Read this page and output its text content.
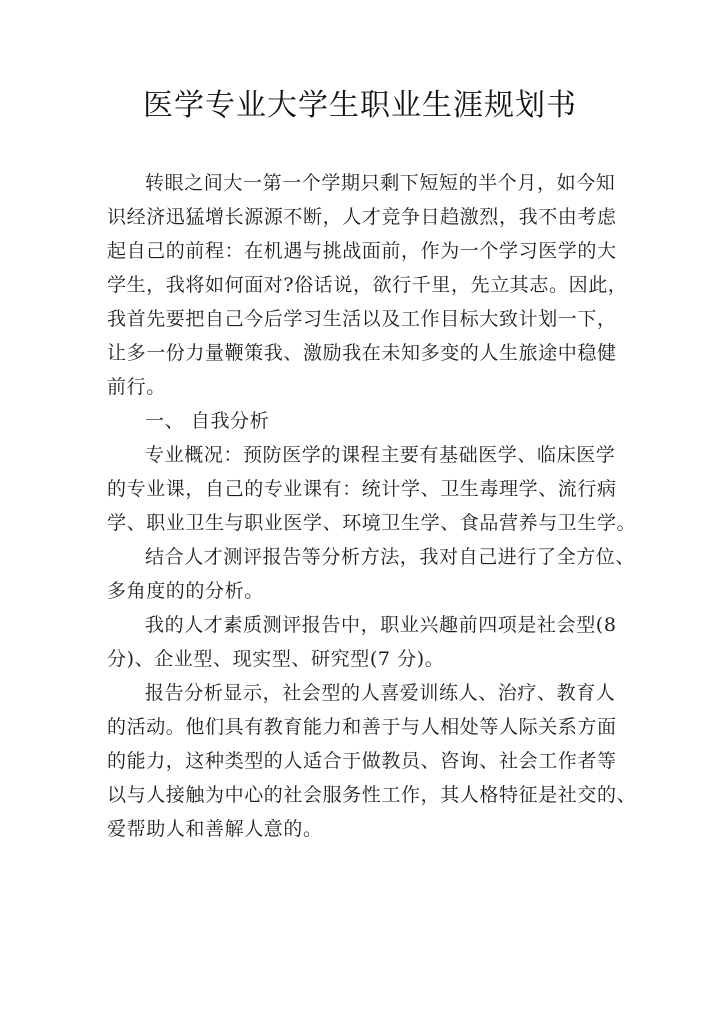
医学专业大学生职业生涯规划书
转眼之间大一第一个学期只剩下短短的半个月，如今知
识经济迅猛增长源源不断，人才竞争日趋激烈，我不由考虑
起自己的前程：在机遇与挑战面前，作为一个学习医学的大
学生，我将如何面对?俗话说，欲行千里，先立其志。因此，
我首先要把自己今后学习生活以及工作目标大致计划一下，
让多一份力量鞭策我、激励我在未知多变的人生旅途中稳健
前行。
一、 自我分析
专业概况：预防医学的课程主要有基础医学、临床医学
的专业课，自己的专业课有：统计学、卫生毒理学、流行病
学、职业卫生与职业医学、环境卫生学、食品营养与卫生学。
结合人才测评报告等分析方法，我对自己进行了全方位、
多角度的的分析。
我的人才素质测评报告中，职业兴趣前四项是社会型(8
分)、企业型、现实型、研究型(7 分)。
报告分析显示，社会型的人喜爱训练人、治疗、教育人
的活动。他们具有教育能力和善于与人相处等人际关系方面
的能力，这种类型的人适合于做教员、咨询、社会工作者等
以与人接触为中心的社会服务性工作，其人格特征是社交的、
爱帮助人和善解人意的。
